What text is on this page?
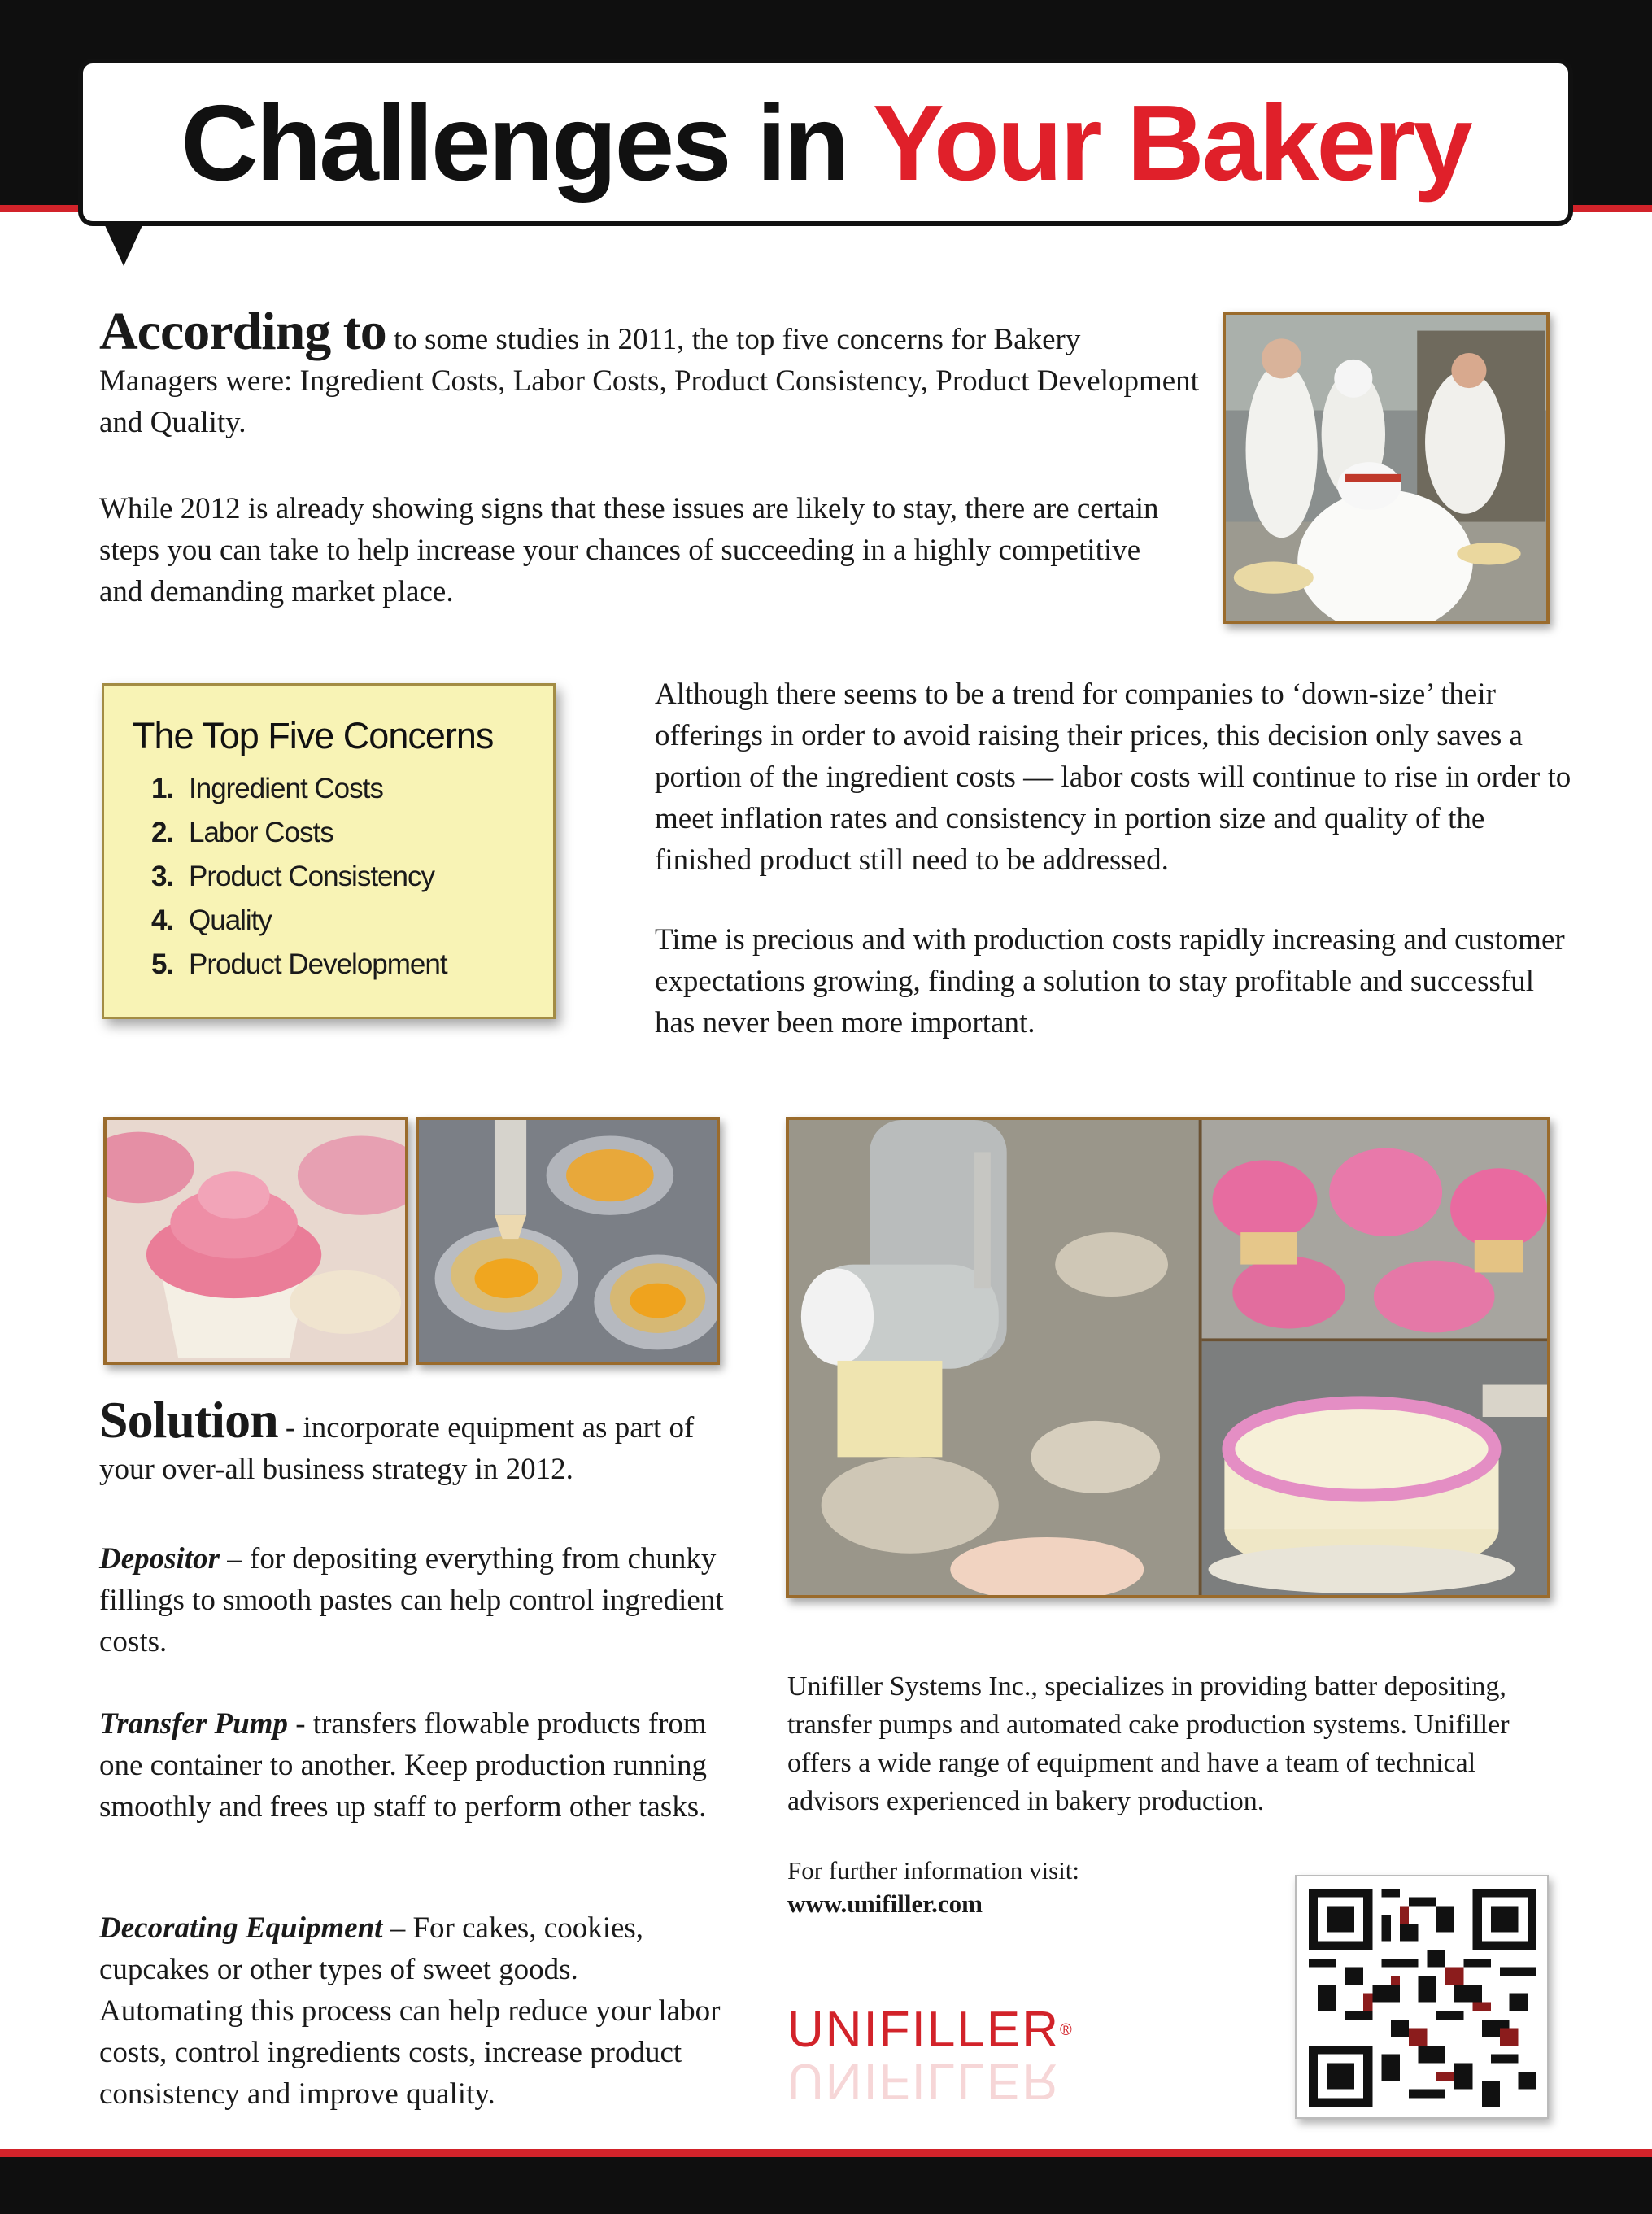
Challenges in Your Bakery
According to to some studies in 2011, the top five concerns for Bakery Managers were: Ingredient Costs, Labor Costs, Product Consistency, Product Development and Quality.
While 2012 is already showing signs that these issues are likely to stay, there are certain steps you can take to help increase your chances of succeeding in a highly competitive and demanding market place.
The Top Five Concerns
1. Ingredient Costs
2. Labor Costs
3. Product Consistency
4. Quality
5. Product Development
Although there seems to be a trend for companies to ‘down-size’ their offerings in order to avoid raising their prices, this decision only saves a portion of the ingredient costs — labor costs will continue to rise in order to meet inflation rates and consistency in portion size and quality of the finished product still need to be addressed.
Time is precious and with production costs rapidly increasing and customer expectations growing, finding a solution to stay profitable and successful has never been more important.
Solution - incorporate equipment as part of your over-all business strategy in 2012.
Depositor – for depositing everything from chunky fillings to smooth pastes can help control ingredient costs.
Transfer Pump - transfers flowable products from one container to another. Keep production running smoothly and frees up staff to perform other tasks.
Decorating Equipment – For cakes, cookies, cupcakes or other types of sweet goods. Automating this process can help reduce your labor costs, control ingredients costs, increase product consistency and improve quality.
Unifiller Systems Inc., specializes in providing batter depositing, transfer pumps and automated cake production systems. Unifiller offers a wide range of equipment and have a team of technical advisors experienced in bakery production.
For further information visit:
www.unifiller.com
UNIFILLER®
UNIFILLER
